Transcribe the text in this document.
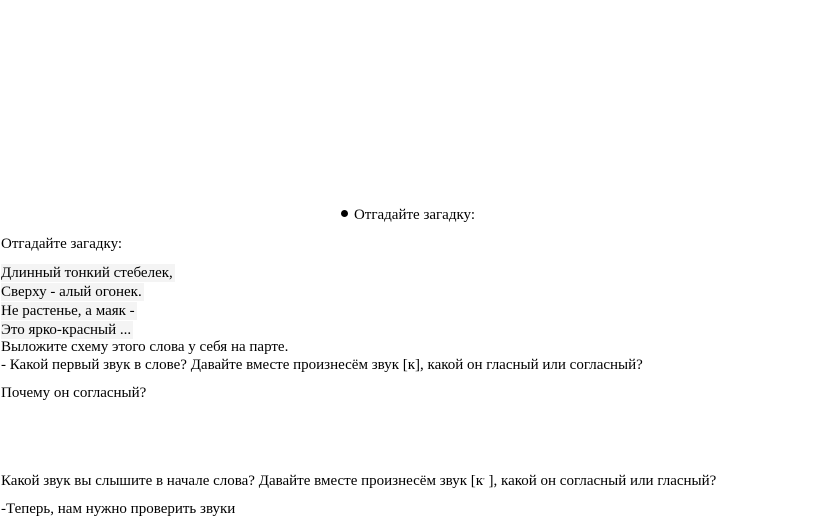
Отгадайте загадку:
Отгадайте загадку:
Длинный тонкий стебелек,
Сверху - алый огонек.
Не растенье, а маяк -
Это ярко-красный ...
Выложите схему этого слова у себя на парте.
- Какой первый звук в слове? Давайте вместе произнесём звук [к], какой он гласный или согласный?
Почему он согласный?
Какой звук вы слышите в начале слова? Давайте вместе произнесём звук [к, ], какой он согласный или гласный?
-Теперь, нам нужно проверить звуки
